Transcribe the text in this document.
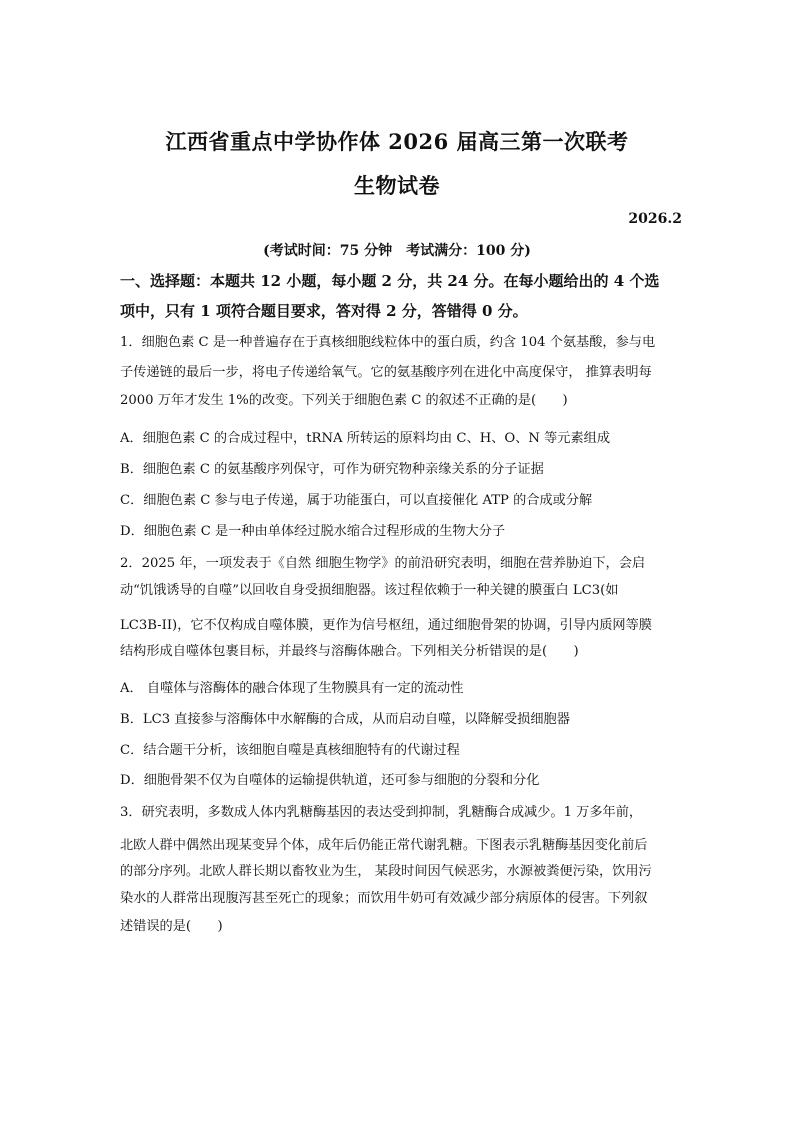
江西省重点中学协作体 2026 届高三第一次联考
生物试卷
2026.2
(考试时间：75 分钟　考试满分：100 分)
一、选择题：本题共 12 小题，每小题 2 分，共 24 分。在每小题给出的 4 个选
项中，只有 1 项符合题目要求，答对得 2 分，答错得 0 分。

1．细胞色素 C 是一种普遍存在于真核细胞线粒体中的蛋白质，约含 104 个氨基酸，参与电

子传递链的最后一步，将电子传递给氧气。它的氨基酸序列在进化中高度保守， 推算表明每

2000 万年才发生 1%的改变。下列关于细胞色素 C 的叙述不正确的是(　　)

A．细胞色素 C 的合成过程中，tRNA 所转运的原料均由 C、H、O、N 等元素组成

B．细胞色素 C 的氨基酸序列保守，可作为研究物种亲缘关系的分子证据

C．细胞色素 C 参与电子传递，属于功能蛋白，可以直接催化 ATP 的合成或分解

D．细胞色素 C 是一种由单体经过脱水缩合过程形成的生物大分子

2．2025 年，一项发表于《自然 细胞生物学》的前沿研究表明，细胞在营养胁迫下，会启

动“饥饿诱导的自噬”以回收自身受损细胞器。该过程依赖于一种关键的膜蛋白 LC3(如

LC3B-II)，它不仅构成自噬体膜，更作为信号枢纽，通过细胞骨架的协调，引导内质网等膜

结构形成自噬体包裹目标，并最终与溶酶体融合。下列相关分析错误的是(　　)

A． 自噬体与溶酶体的融合体现了生物膜具有一定的流动性

B．LC3 直接参与溶酶体中水解酶的合成，从而启动自噬，以降解受损细胞器

C．结合题干分析，该细胞自噬是真核细胞特有的代谢过程

D．细胞骨架不仅为自噬体的运输提供轨道，还可参与细胞的分裂和分化

3．研究表明，多数成人体内乳糖酶基因的表达受到抑制，乳糖酶合成减少。1 万多年前，

北欧人群中偶然出现某变异个体，成年后仍能正常代谢乳糖。下图表示乳糖酶基因变化前后

的部分序列。北欧人群长期以畜牧业为生， 某段时间因气候恶劣，水源被粪便污染，饮用污

染水的人群常出现腹泻甚至死亡的现象；而饮用牛奶可有效减少部分病原体的侵害。下列叙

述错误的是(　　)
